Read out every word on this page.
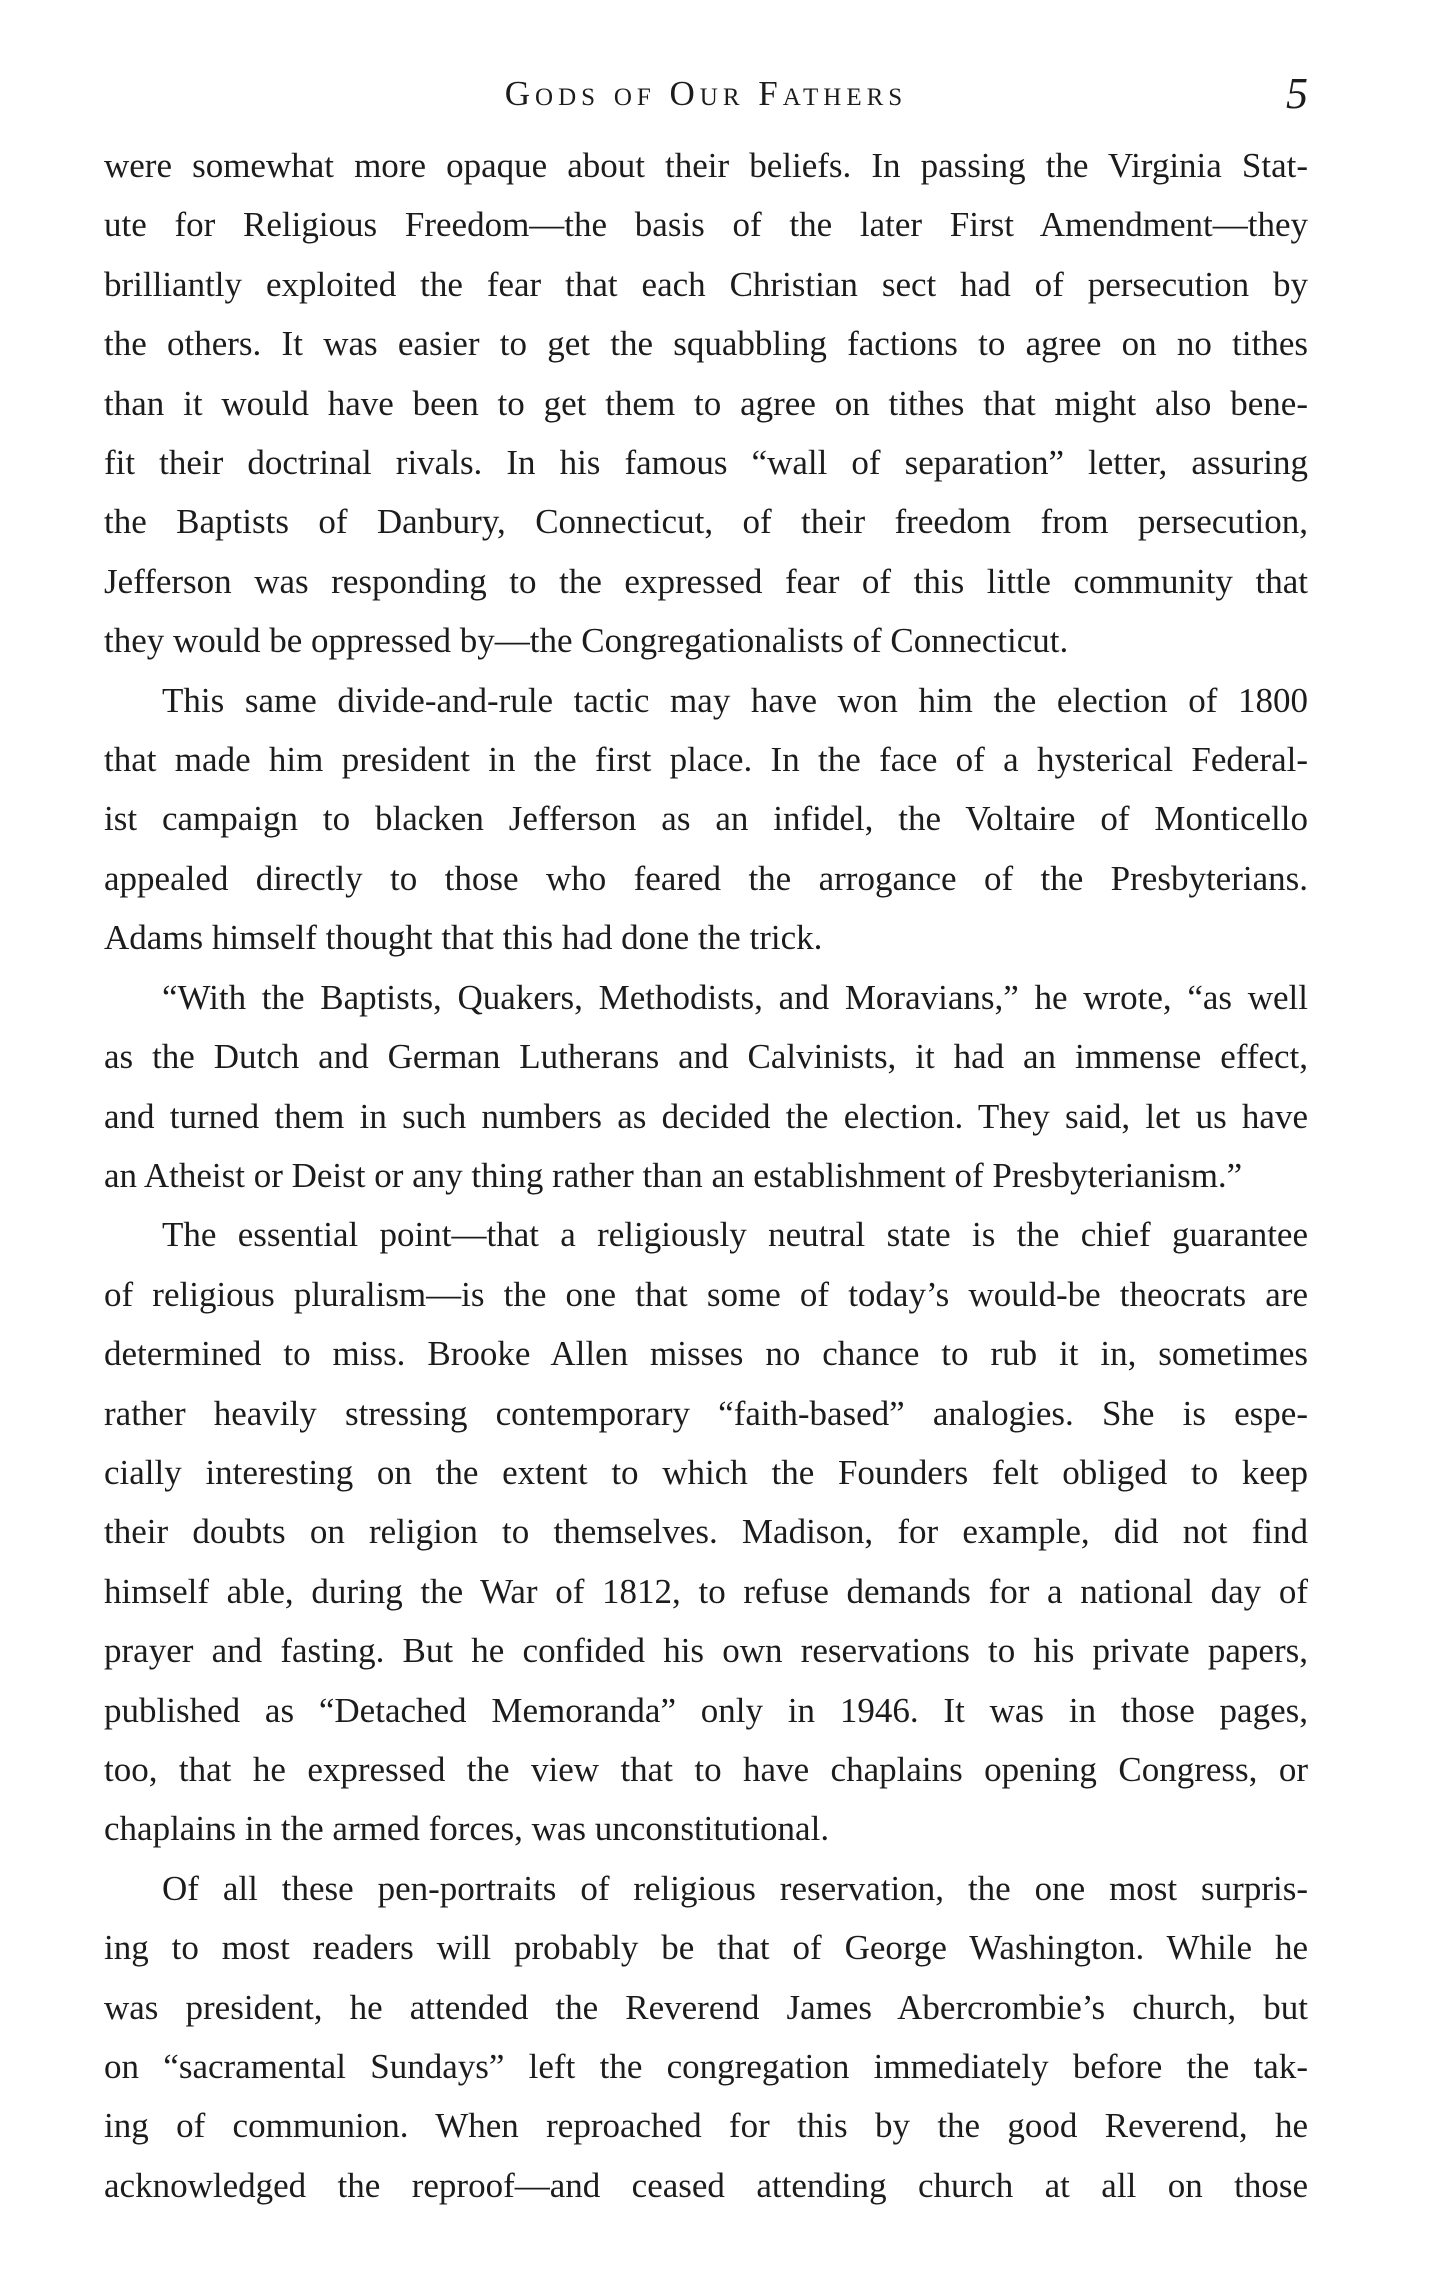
Gods of Our Fathers	5
were somewhat more opaque about their beliefs. In passing the Virginia Stat-
ute for Religious Freedom—the basis of the later First Amendment—they
brilliantly exploited the fear that each Christian sect had of persecution by
the others. It was easier to get the squabbling factions to agree on no tithes
than it would have been to get them to agree on tithes that might also bene-
fit their doctrinal rivals. In his famous “wall of separation” letter, assuring
the Baptists of Danbury, Connecticut, of their freedom from persecution,
Jefferson was responding to the expressed fear of this little community that
they would be oppressed by—the Congregationalists of Connecticut.
This same divide-and-rule tactic may have won him the election of 1800
that made him president in the first place. In the face of a hysterical Federal-
ist campaign to blacken Jefferson as an infidel, the Voltaire of Monticello
appealed directly to those who feared the arrogance of the Presbyterians.
Adams himself thought that this had done the trick.
“With the Baptists, Quakers, Methodists, and Moravians,” he wrote, “as well
as the Dutch and German Lutherans and Calvinists, it had an immense effect,
and turned them in such numbers as decided the election. They said, let us have
an Atheist or Deist or any thing rather than an establishment of Presbyterianism.”
The essential point—that a religiously neutral state is the chief guarantee
of religious pluralism—is the one that some of today’s would-be theocrats are
determined to miss. Brooke Allen misses no chance to rub it in, sometimes
rather heavily stressing contemporary “faith-based” analogies. She is espe-
cially interesting on the extent to which the Founders felt obliged to keep
their doubts on religion to themselves. Madison, for example, did not find
himself able, during the War of 1812, to refuse demands for a national day of
prayer and fasting. But he confided his own reservations to his private papers,
published as “Detached Memoranda” only in 1946. It was in those pages,
too, that he expressed the view that to have chaplains opening Congress, or
chaplains in the armed forces, was unconstitutional.
Of all these pen-portraits of religious reservation, the one most surpris-
ing to most readers will probably be that of George Washington. While he
was president, he attended the Reverend James Abercrombie’s church, but
on “sacramental Sundays” left the congregation immediately before the tak-
ing of communion. When reproached for this by the good Reverend, he
acknowledged the reproof—and ceased attending church at all on those
